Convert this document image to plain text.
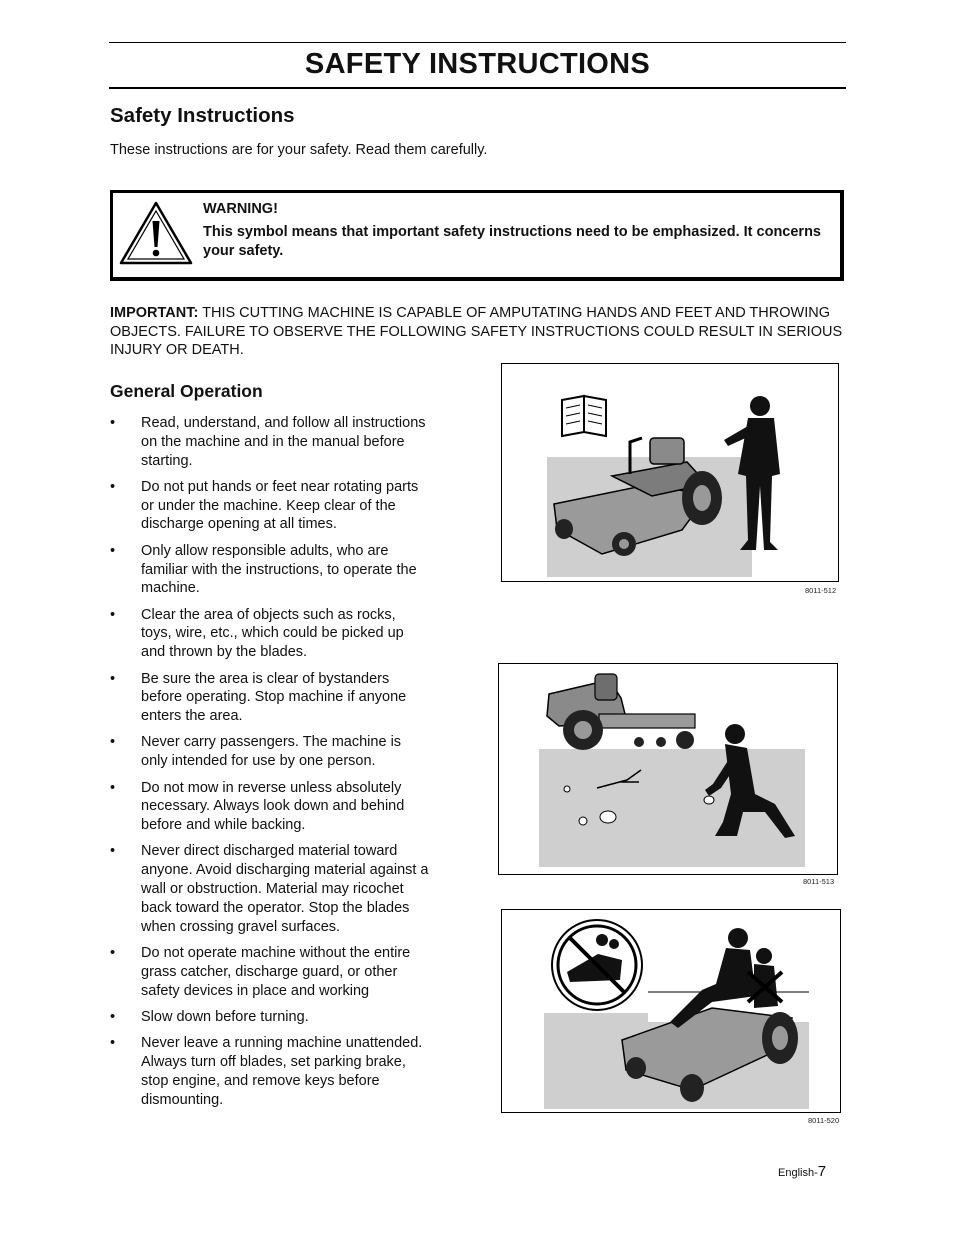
SAFETY INSTRUCTIONS
Safety Instructions
These instructions are for your safety. Read them carefully.
WARNING!
This symbol means that important safety instructions need to be emphasized. It concerns your safety.
IMPORTANT: THIS CUTTING MACHINE IS CAPABLE OF AMPUTATING HANDS AND FEET AND THROWING OBJECTS. FAILURE TO OBSERVE THE FOLLOWING SAFETY INSTRUCTIONS COULD RESULT IN SERIOUS INJURY OR DEATH.
General Operation
• Read, understand, and follow all instructions on the machine and in the manual before starting.
• Do not put hands or feet near rotating parts or under the machine. Keep clear of the discharge opening at all times.
• Only allow responsible adults, who are familiar with the instructions, to operate the machine.
• Clear the area of objects such as rocks, toys, wire, etc., which could be picked up and thrown by the blades.
• Be sure the area is clear of bystanders before operating. Stop machine if anyone enters the area.
• Never carry passengers. The machine is only intended for use by one person.
• Do not mow in reverse unless absolutely necessary. Always look down and behind before and while backing.
• Never direct discharged material toward anyone. Avoid discharging material against a wall or obstruction. Material may ricochet back toward the operator. Stop the blades when crossing gravel surfaces.
• Do not operate machine without the entire grass catcher, discharge guard, or other safety devices in place and working
• Slow down before turning.
• Never leave a running machine unattended. Always turn off blades, set parking brake, stop engine, and remove keys before dismounting.
8011-512
8011-513
8011-520
English-7
